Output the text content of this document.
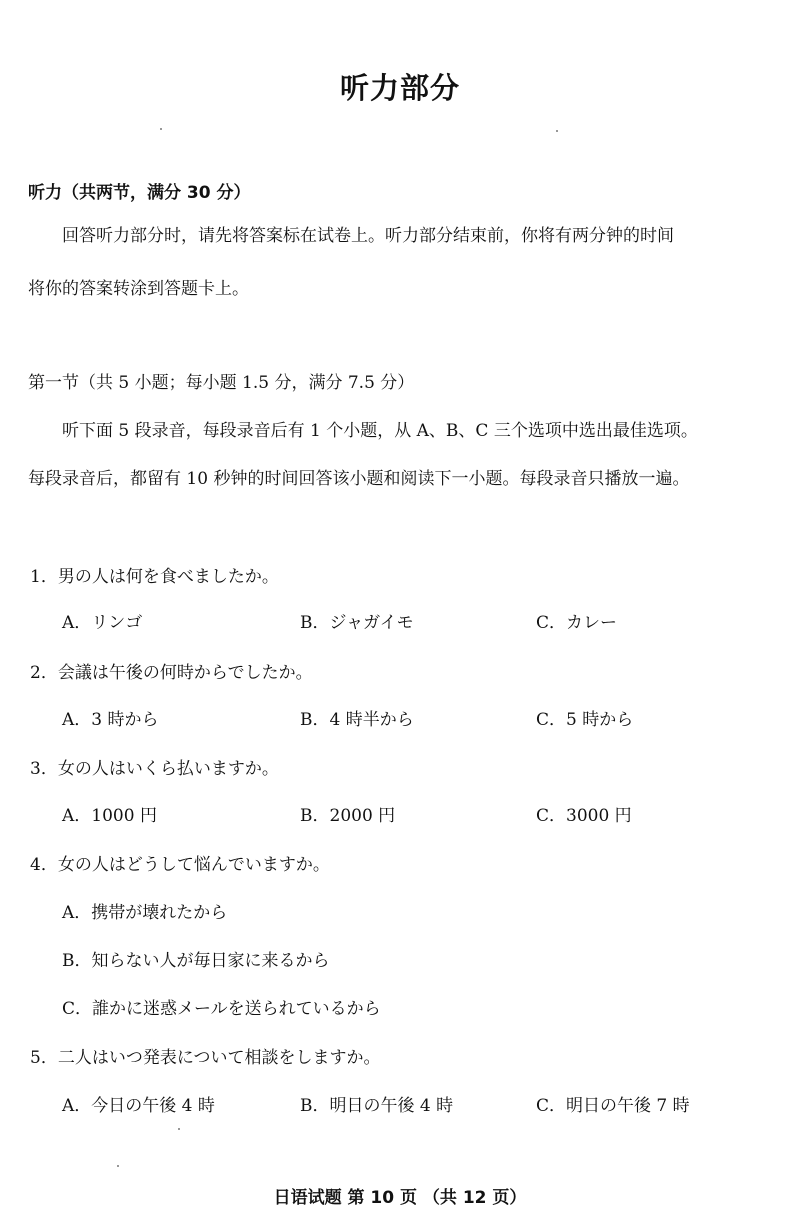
听力部分
听力（共两节，满分 30 分）
回答听力部分时，请先将答案标在试卷上。听力部分结束前，你将有两分钟的时间
将你的答案转涂到答题卡上。
第一节（共 5 小题；每小题 1.5 分，满分 7.5 分）
听下面 5 段录音，每段录音后有 1 个小题，从 A、B、C 三个选项中选出最佳选项。
每段录音后，都留有 10 秒钟的时间回答该小题和阅读下一小题。每段录音只播放一遍。
1．男の人は何を食べましたか。
A．リンゴ	B．ジャガイモ	C．カレー
2．会議は午後の何時からでしたか。
A．3 時から	B．4 時半から	C．5 時から
3．女の人はいくら払いますか。
A．1000 円	B．2000 円	C．3000 円
4．女の人はどうして悩んでいますか。
A．携帯が壊れたから
B．知らない人が毎日家に来るから
C．誰かに迷惑メールを送られているから
5．二人はいつ発表について相談をしますか。
A．今日の午後 4 時	B．明日の午後 4 時	C．明日の午後 7 時
日语试题 第 10 页 （共 12 页）
